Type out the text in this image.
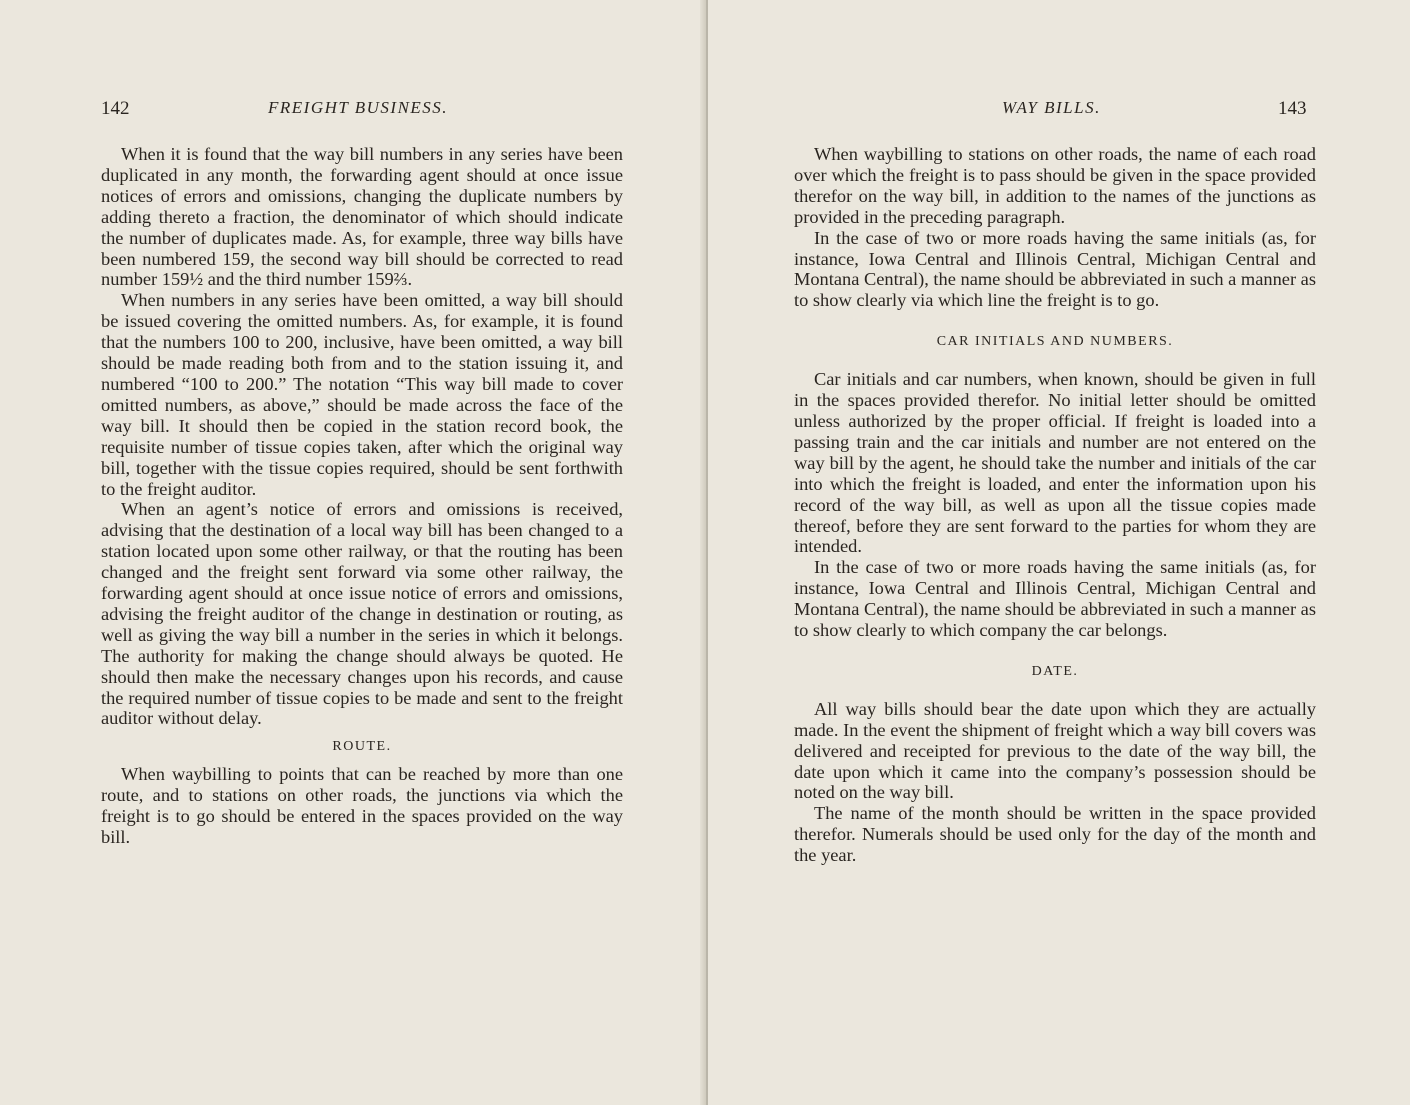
142	FREIGHT BUSINESS.

When it is found that the way bill numbers in any series have been duplicated in any month, the forwarding agent should at once issue notices of errors and omissions, changing the duplicate numbers by adding thereto a fraction, the denominator of which should indicate the number of duplicates made. As, for example, three way bills have been numbered 159, the second way bill should be corrected to read number 159½ and the third number 159⅔.

When numbers in any series have been omitted, a way bill should be issued covering the omitted numbers. As, for example, it is found that the numbers 100 to 200, inclusive, have been omitted, a way bill should be made reading both from and to the station issuing it, and numbered “100 to 200.” The notation “This way bill made to cover omitted numbers, as above,” should be made across the face of the way bill. It should then be copied in the station record book, the requisite number of tissue copies taken, after which the original way bill, together with the tissue copies required, should be sent forthwith to the freight auditor.

When an agent’s notice of errors and omissions is received, advising that the destination of a local way bill has been changed to a station located upon some other railway, or that the routing has been changed and the freight sent forward via some other railway, the forwarding agent should at once issue notice of errors and omissions, advising the freight auditor of the change in destination or routing, as well as giving the way bill a number in the series in which it belongs. The authority for making the change should always be quoted. He should then make the necessary changes upon his records, and cause the required number of tissue copies to be made and sent to the freight auditor without delay.

ROUTE.

When waybilling to points that can be reached by more than one route, and to stations on other roads, the junctions via which the freight is to go should be entered in the spaces provided on the way bill.

WAY BILLS.	143

When waybilling to stations on other roads, the name of each road over which the freight is to pass should be given in the space provided therefor on the way bill, in addition to the names of the junctions as provided in the preceding paragraph.

In the case of two or more roads having the same initials (as, for instance, Iowa Central and Illinois Central, Michigan Central and Montana Central), the name should be abbreviated in such a manner as to show clearly via which line the freight is to go.

CAR INITIALS AND NUMBERS.

Car initials and car numbers, when known, should be given in full in the spaces provided therefor. No initial letter should be omitted unless authorized by the proper official. If freight is loaded into a passing train and the car initials and number are not entered on the way bill by the agent, he should take the number and initials of the car into which the freight is loaded, and enter the information upon his record of the way bill, as well as upon all the tissue copies made thereof, before they are sent forward to the parties for whom they are intended.

In the case of two or more roads having the same initials (as, for instance, Iowa Central and Illinois Central, Michigan Central and Montana Central), the name should be abbreviated in such a manner as to show clearly to which company the car belongs.

DATE.

All way bills should bear the date upon which they are actually made. In the event the shipment of freight which a way bill covers was delivered and receipted for previous to the date of the way bill, the date upon which it came into the company’s possession should be noted on the way bill.

The name of the month should be written in the space provided therefor. Numerals should be used only for the day of the month and the year.
